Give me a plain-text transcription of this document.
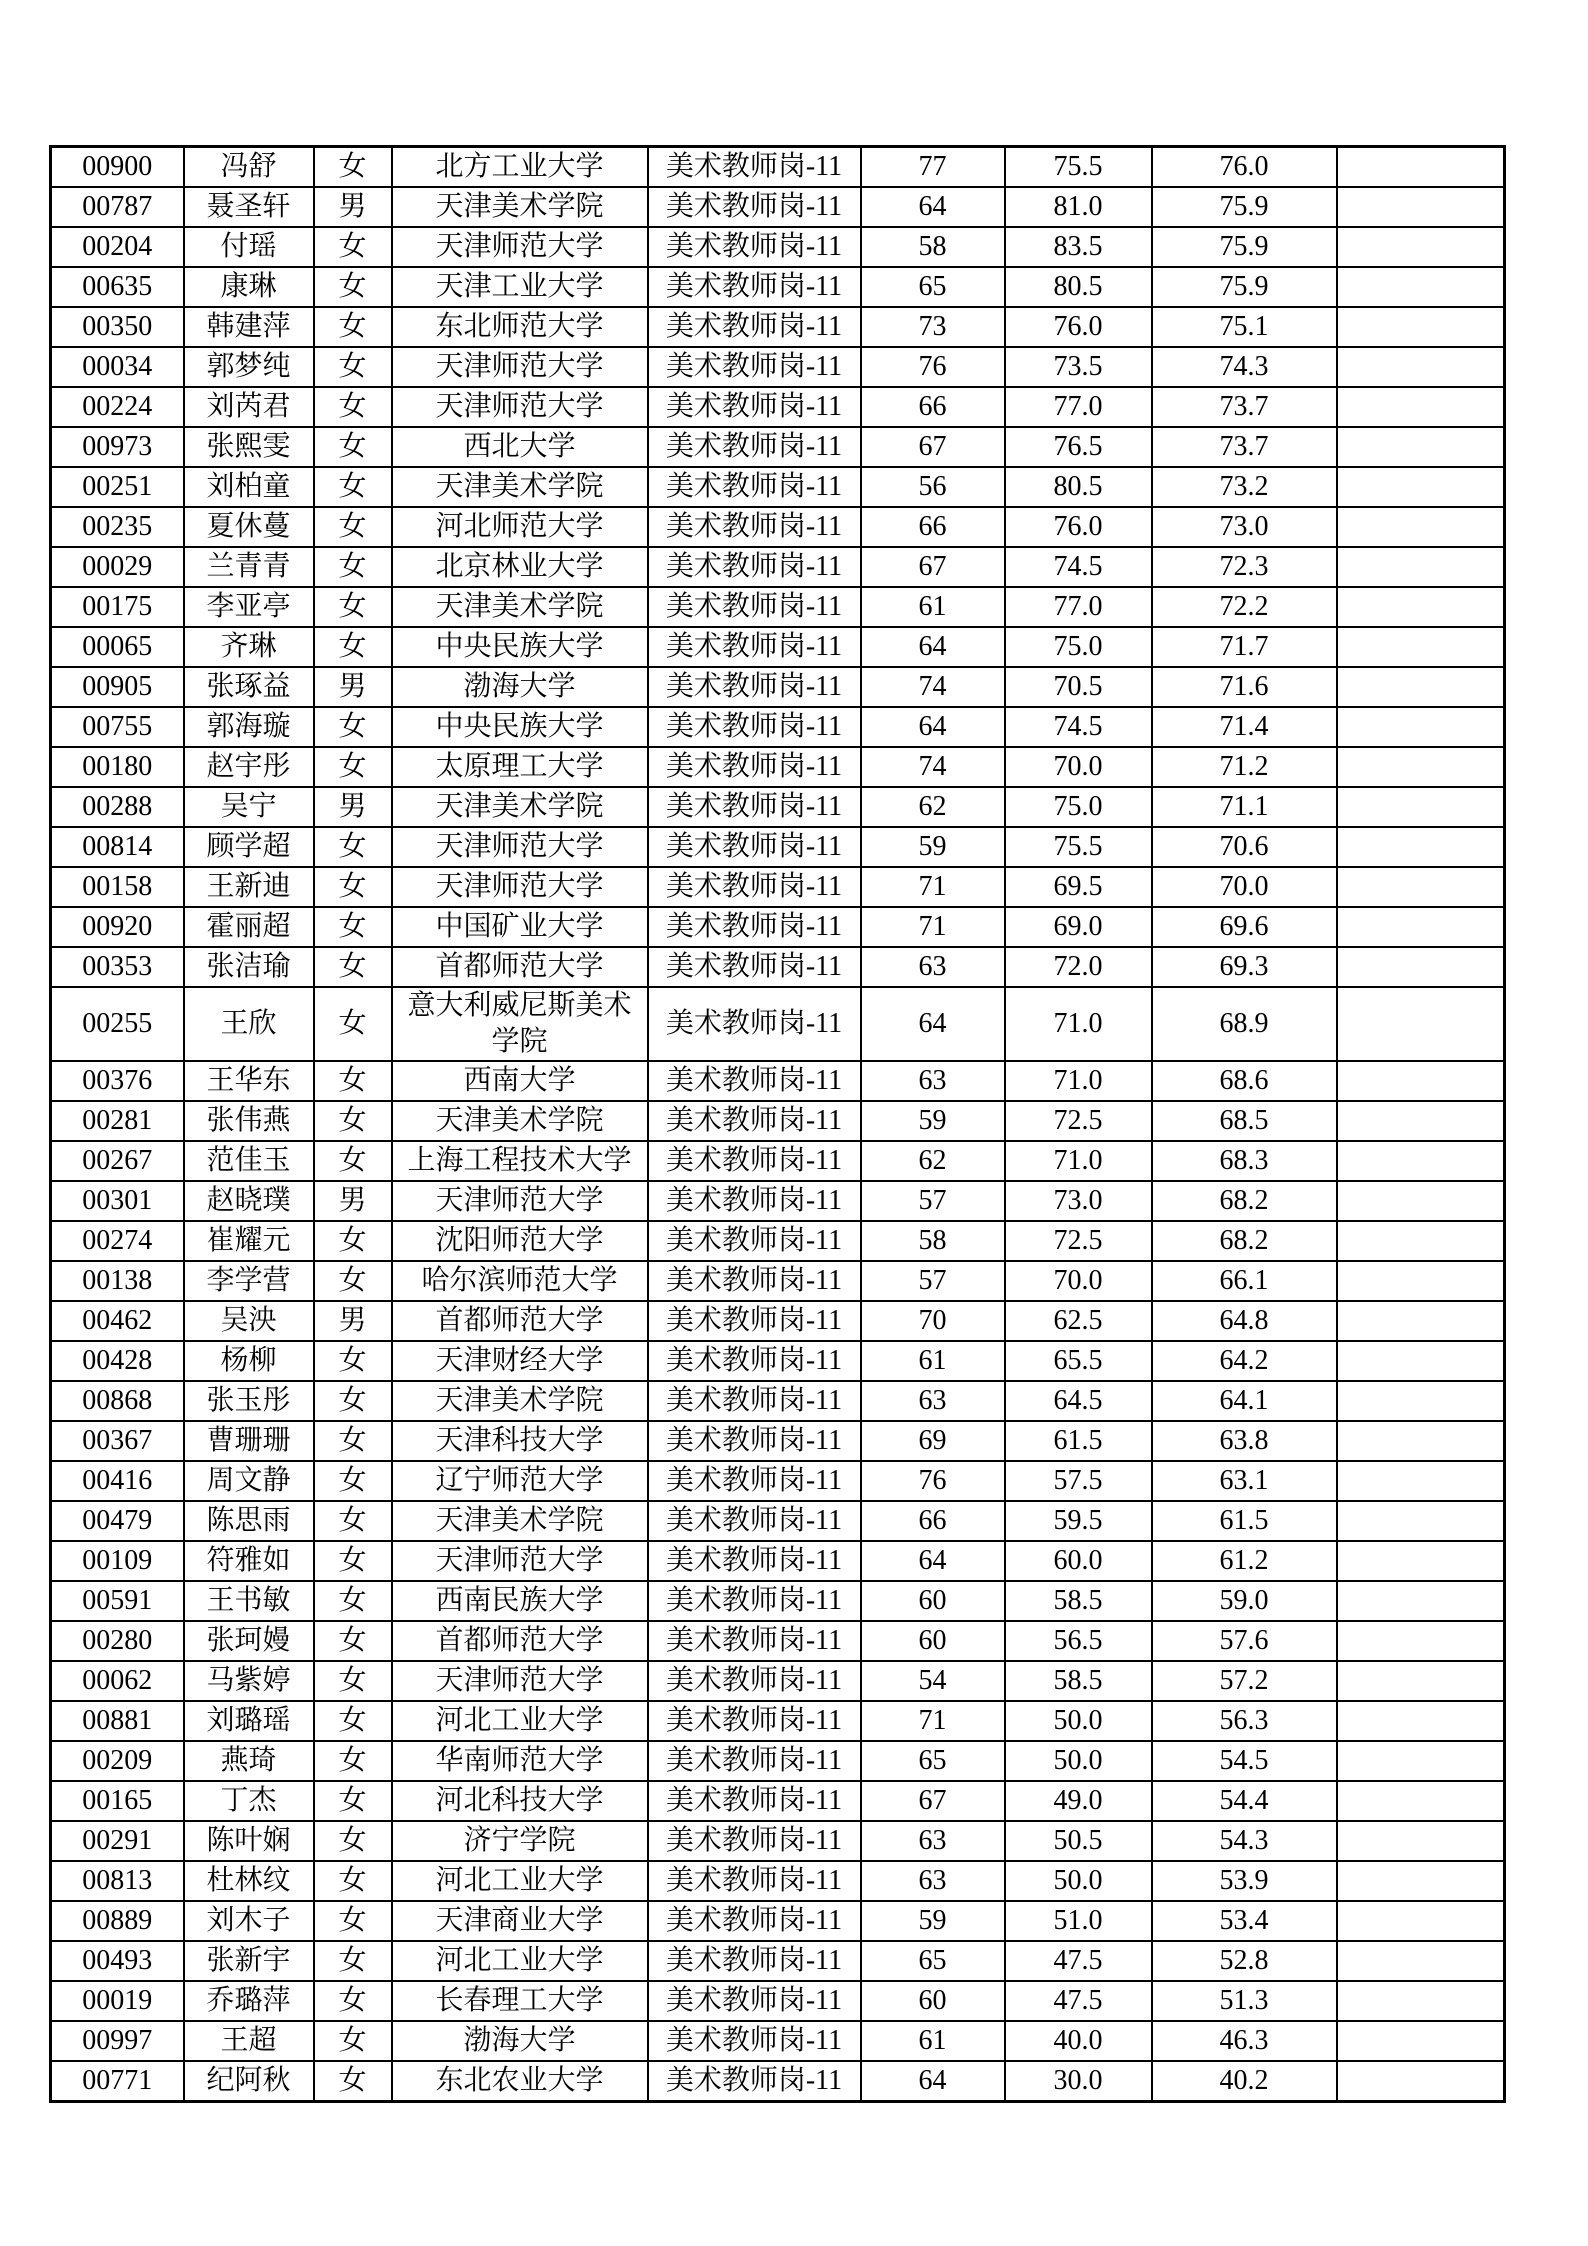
00900	冯舒	女	北方工业大学	美术教师岗-11	77	75.5	76.0	
00787	聂圣轩	男	天津美术学院	美术教师岗-11	64	81.0	75.9	
00204	付瑶	女	天津师范大学	美术教师岗-11	58	83.5	75.9	
00635	康琳	女	天津工业大学	美术教师岗-11	65	80.5	75.9	
00350	韩建萍	女	东北师范大学	美术教师岗-11	73	76.0	75.1	
00034	郭梦纯	女	天津师范大学	美术教师岗-11	76	73.5	74.3	
00224	刘芮君	女	天津师范大学	美术教师岗-11	66	77.0	73.7	
00973	张熙雯	女	西北大学	美术教师岗-11	67	76.5	73.7	
00251	刘柏童	女	天津美术学院	美术教师岗-11	56	80.5	73.2	
00235	夏休蔓	女	河北师范大学	美术教师岗-11	66	76.0	73.0	
00029	兰青青	女	北京林业大学	美术教师岗-11	67	74.5	72.3	
00175	李亚亭	女	天津美术学院	美术教师岗-11	61	77.0	72.2	
00065	齐琳	女	中央民族大学	美术教师岗-11	64	75.0	71.7	
00905	张琢益	男	渤海大学	美术教师岗-11	74	70.5	71.6	
00755	郭海璇	女	中央民族大学	美术教师岗-11	64	74.5	71.4	
00180	赵宇彤	女	太原理工大学	美术教师岗-11	74	70.0	71.2	
00288	吴宁	男	天津美术学院	美术教师岗-11	62	75.0	71.1	
00814	顾学超	女	天津师范大学	美术教师岗-11	59	75.5	70.6	
00158	王新迪	女	天津师范大学	美术教师岗-11	71	69.5	70.0	
00920	霍丽超	女	中国矿业大学	美术教师岗-11	71	69.0	69.6	
00353	张洁瑜	女	首都师范大学	美术教师岗-11	63	72.0	69.3	
00255	王欣	女	意大利威尼斯美术学院	美术教师岗-11	64	71.0	68.9	
00376	王华东	女	西南大学	美术教师岗-11	63	71.0	68.6	
00281	张伟燕	女	天津美术学院	美术教师岗-11	59	72.5	68.5	
00267	范佳玉	女	上海工程技术大学	美术教师岗-11	62	71.0	68.3	
00301	赵晓璞	男	天津师范大学	美术教师岗-11	57	73.0	68.2	
00274	崔耀元	女	沈阳师范大学	美术教师岗-11	58	72.5	68.2	
00138	李学营	女	哈尔滨师范大学	美术教师岗-11	57	70.0	66.1	
00462	吴泱	男	首都师范大学	美术教师岗-11	70	62.5	64.8	
00428	杨柳	女	天津财经大学	美术教师岗-11	61	65.5	64.2	
00868	张玉彤	女	天津美术学院	美术教师岗-11	63	64.5	64.1	
00367	曹珊珊	女	天津科技大学	美术教师岗-11	69	61.5	63.8	
00416	周文静	女	辽宁师范大学	美术教师岗-11	76	57.5	63.1	
00479	陈思雨	女	天津美术学院	美术教师岗-11	66	59.5	61.5	
00109	符雅如	女	天津师范大学	美术教师岗-11	64	60.0	61.2	
00591	王书敏	女	西南民族大学	美术教师岗-11	60	58.5	59.0	
00280	张珂嫚	女	首都师范大学	美术教师岗-11	60	56.5	57.6	
00062	马紫婷	女	天津师范大学	美术教师岗-11	54	58.5	57.2	
00881	刘璐瑶	女	河北工业大学	美术教师岗-11	71	50.0	56.3	
00209	燕琦	女	华南师范大学	美术教师岗-11	65	50.0	54.5	
00165	丁杰	女	河北科技大学	美术教师岗-11	67	49.0	54.4	
00291	陈叶娴	女	济宁学院	美术教师岗-11	63	50.5	54.3	
00813	杜林纹	女	河北工业大学	美术教师岗-11	63	50.0	53.9	
00889	刘木子	女	天津商业大学	美术教师岗-11	59	51.0	53.4	
00493	张新宇	女	河北工业大学	美术教师岗-11	65	47.5	52.8	
00019	乔璐萍	女	长春理工大学	美术教师岗-11	60	47.5	51.3	
00997	王超	女	渤海大学	美术教师岗-11	61	40.0	46.3	
00771	纪阿秋	女	东北农业大学	美术教师岗-11	64	30.0	40.2	
